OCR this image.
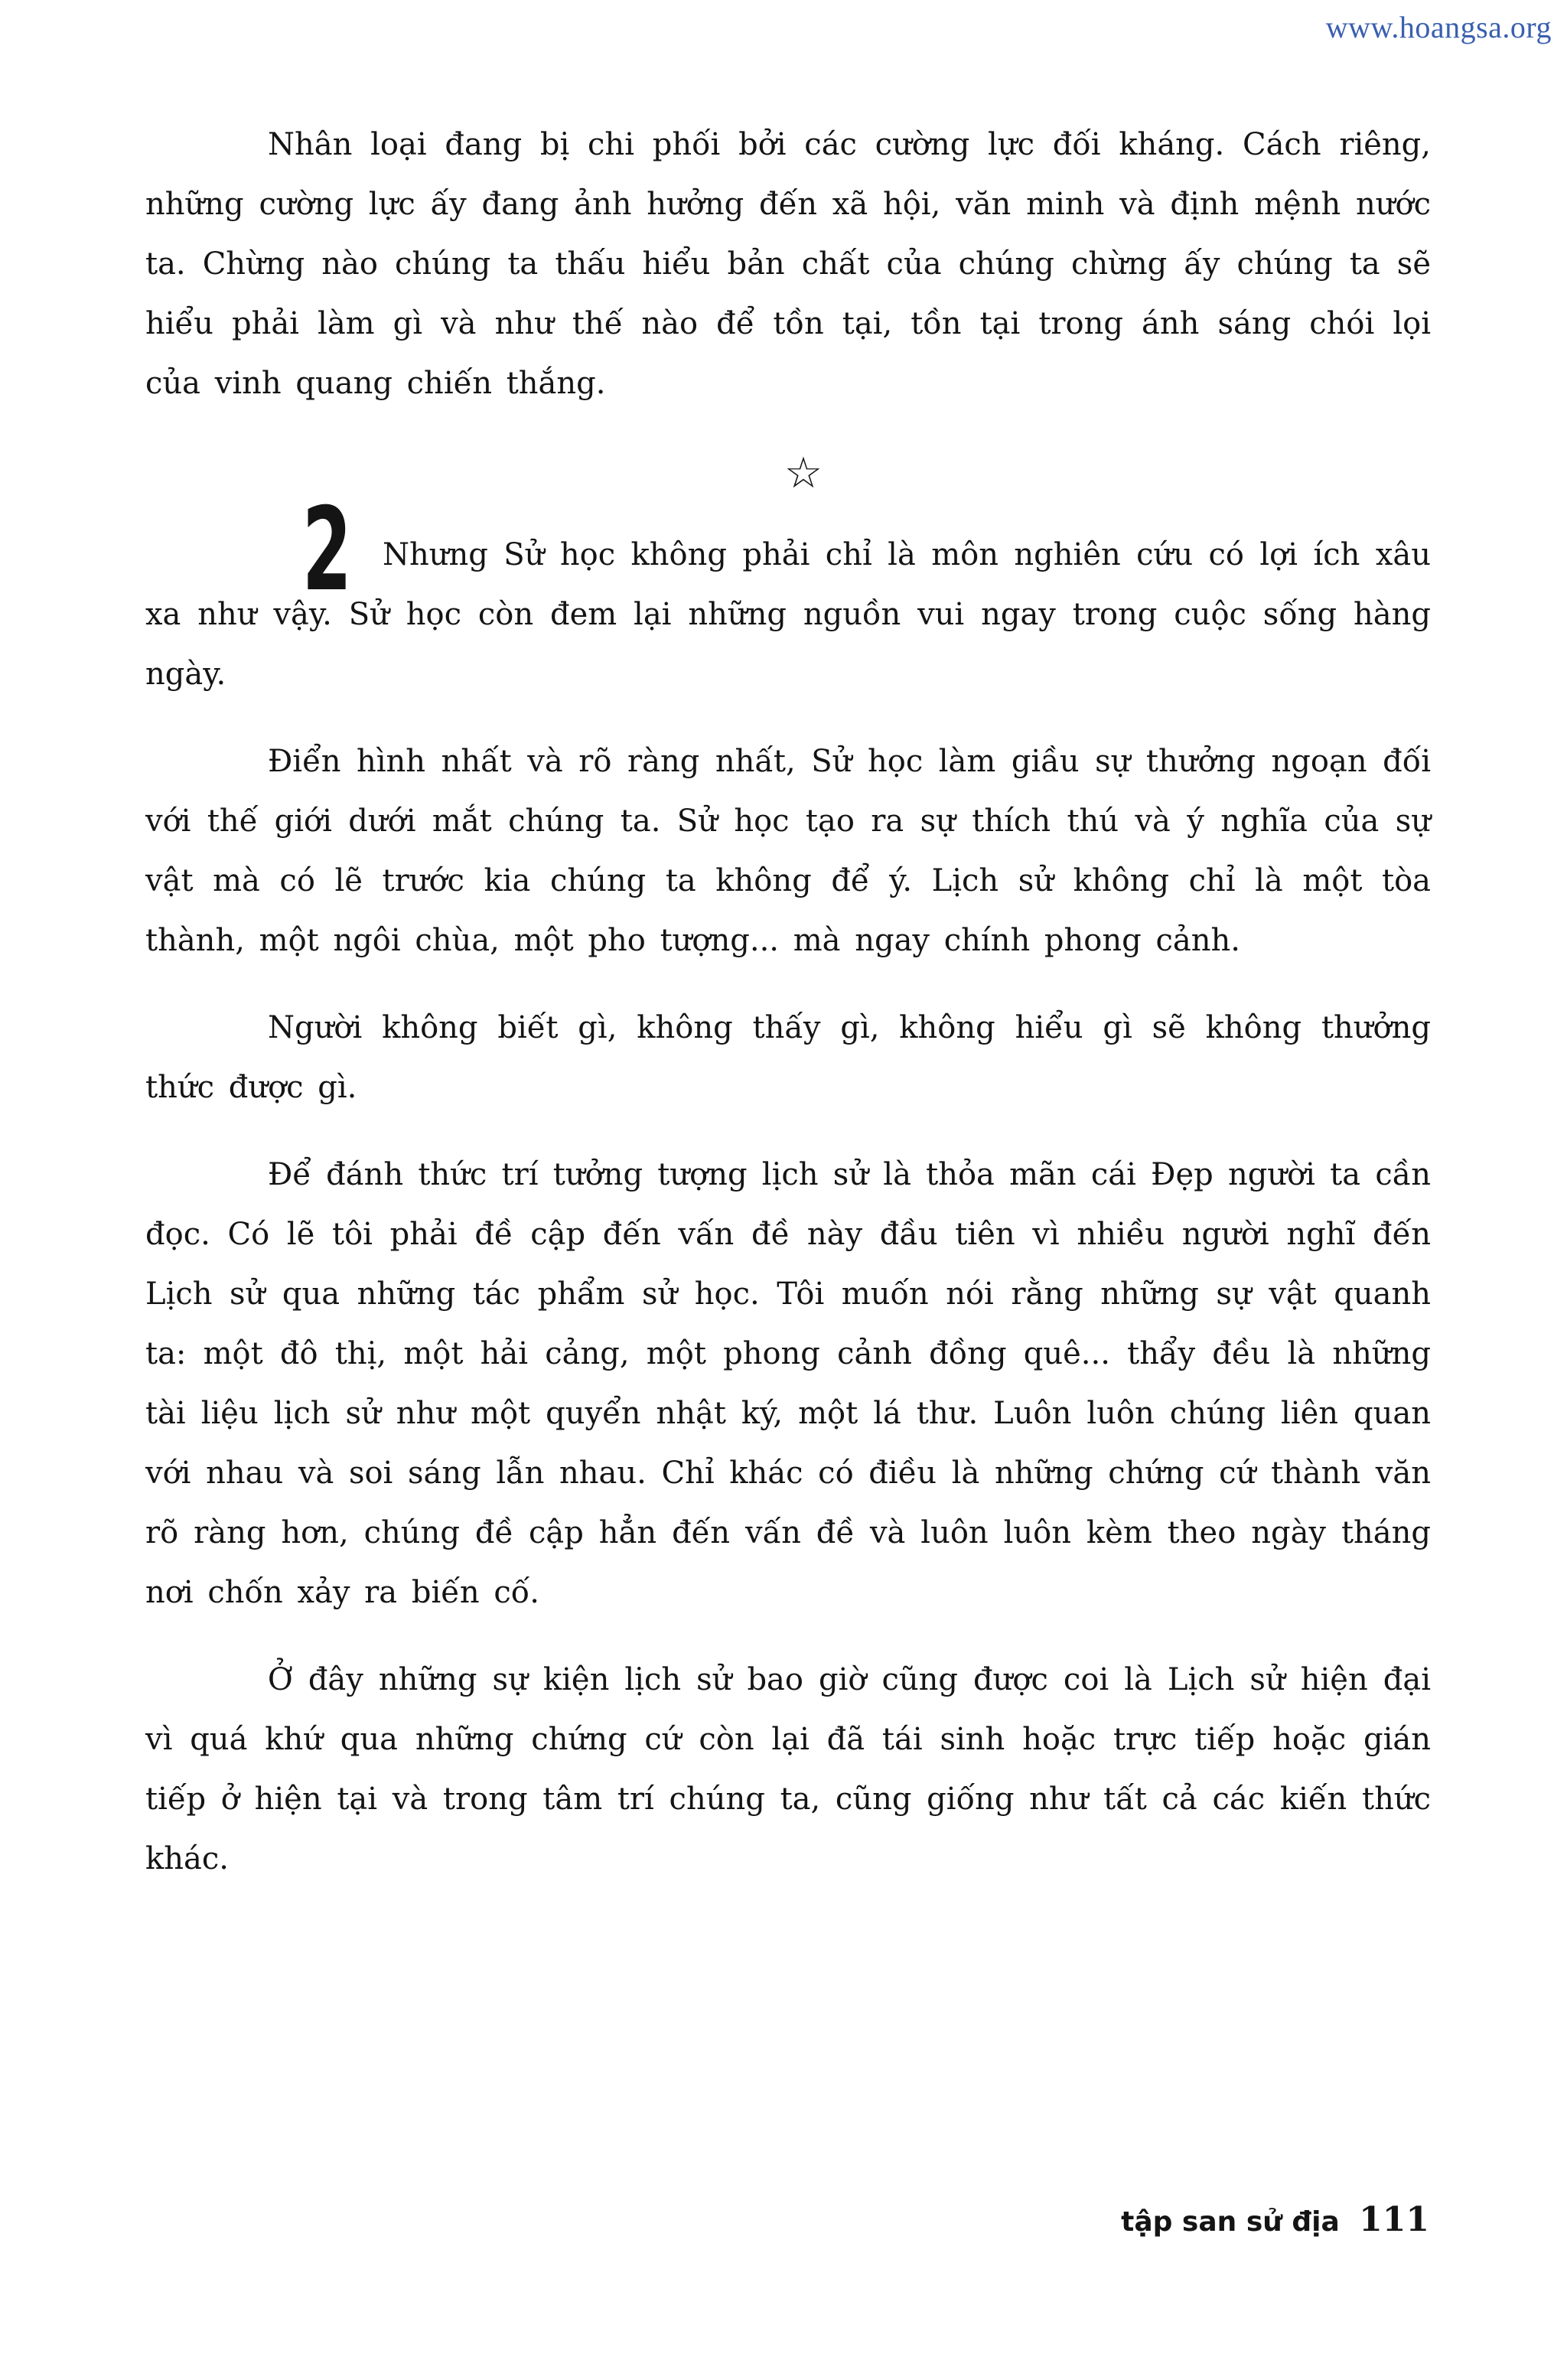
www.hoangsa.org

Nhân loại đang bị chi phối bởi các cường lực đối kháng. Cách riêng, những cường lực ấy đang ảnh hưởng đến xã hội, văn minh và định mệnh nước ta. Chừng nào chúng ta thấu hiểu bản chất của chúng chừng ấy chúng ta sẽ hiểu phải làm gì và như thế nào để tồn tại, tồn tại trong ánh sáng chói lọi của vinh quang chiến thắng.

☆
2	Nhưng Sử học không phải chỉ là môn nghiên cứu có lợi ích xâu xa như vậy. Sử học còn đem lại những nguồn vui ngay trong cuộc sống hàng ngày.

Điển hình nhất và rõ ràng nhất, Sử học làm giầu sự thưởng ngoạn đối với thế giới dưới mắt chúng ta. Sử học tạo ra sự thích thú và ý nghĩa của sự vật mà có lẽ trước kia chúng ta không để ý. Lịch sử không chỉ là một tòa thành, một ngôi chùa, một pho tượng... mà ngay chính phong cảnh.

Người không biết gì, không thấy gì, không hiểu gì sẽ không thưởng thức được gì.

Để đánh thức trí tưởng tượng lịch sử là thỏa mãn cái Đẹp người ta cần đọc. Có lẽ tôi phải đề cập đến vấn đề này đầu tiên vì nhiều người nghĩ đến Lịch sử qua những tác phẩm sử học. Tôi muốn nói rằng những sự vật quanh ta: một đô thị, một hải cảng, một phong cảnh đồng quê... thẩy đều là những tài liệu lịch sử như một quyển nhật ký, một lá thư. Luôn luôn chúng liên quan với nhau và soi sáng lẫn nhau. Chỉ khác có điều là những chứng cứ thành văn rõ ràng hơn, chúng đề cập hẳn đến vấn đề và luôn luôn kèm theo ngày tháng nơi chốn xảy ra biến cố.

Ở đây những sự kiện lịch sử bao giờ cũng được coi là Lịch sử hiện đại vì quá khứ qua những chứng cứ còn lại đã tái sinh hoặc trực tiếp hoặc gián tiếp ở hiện tại và trong tâm trí chúng ta, cũng giống như tất cả các kiến thức khác.

tập san sử địa 111
